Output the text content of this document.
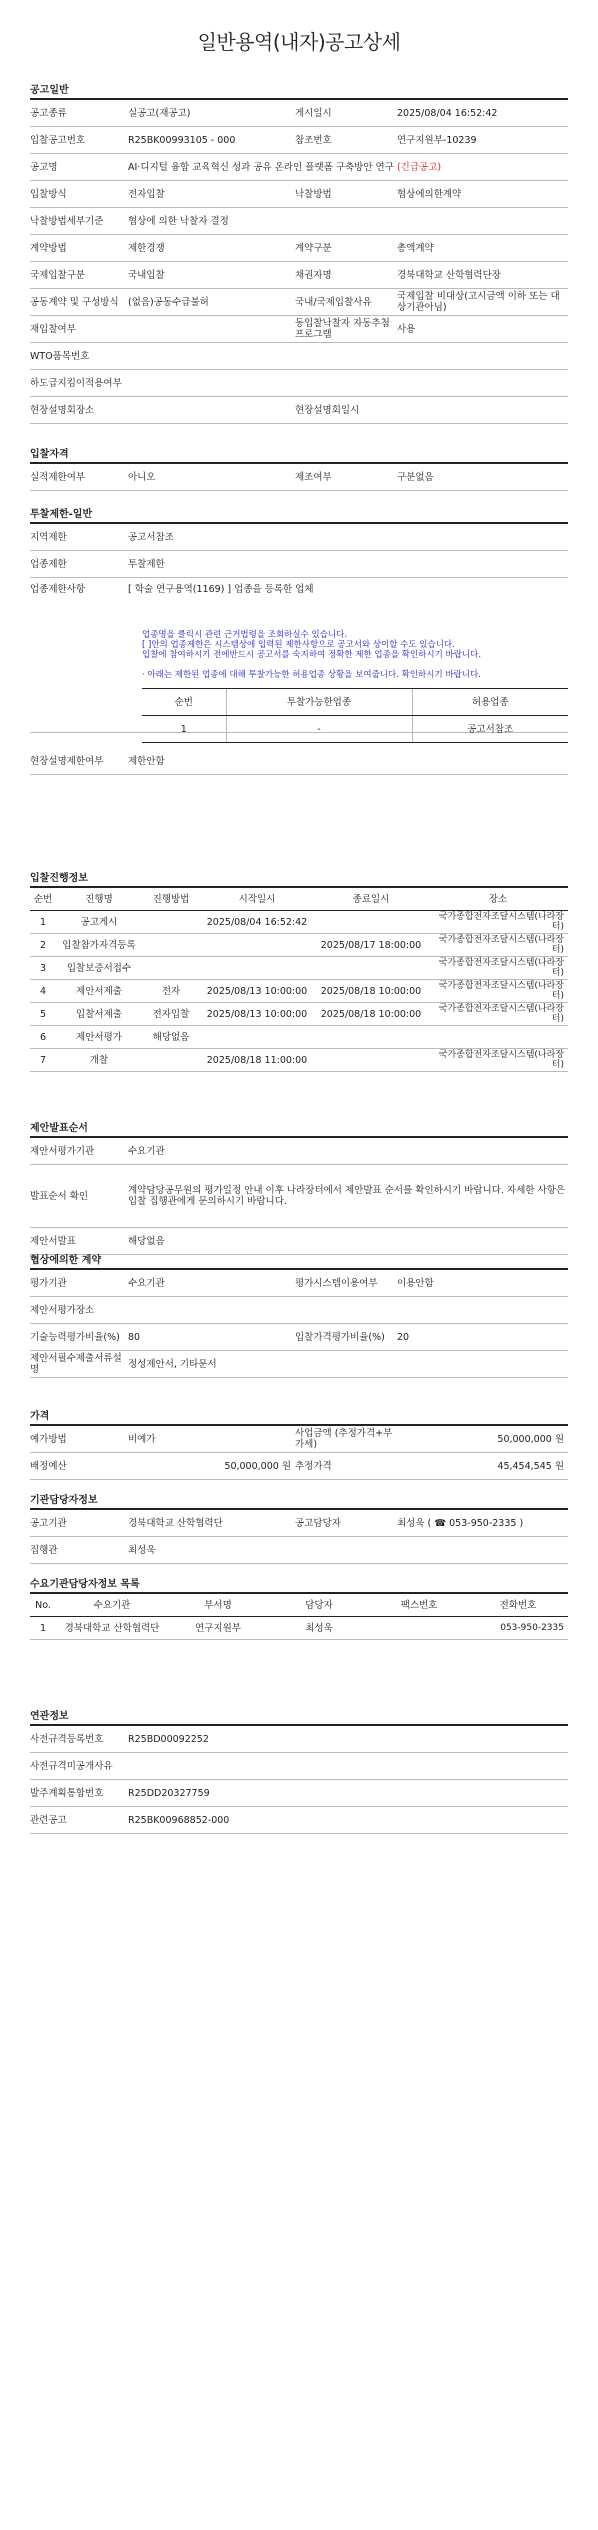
일반용역(내자)공고상세
공고일반
공고종류	실공고(재공고)	게시일시	2025/08/04 16:52:42
입찰공고번호	R25BK00993105 - 000	참조번호	연구지원부-10239
공고명	AI·디지털 융합 교육혁신 성과 공유 온라인 플랫폼 구축방안 연구 (긴급공고)		
입찰방식	전자입찰	낙찰방법	협상에의한계약
낙찰방법세부기준	협상에 의한 낙찰자 결정		
계약방법	제한경쟁	계약구분	총액계약
국제입찰구분	국내입찰	채권자명	경북대학교 산학협력단장
공동계약 및 구성방식	(없음)공동수급불허	국내/국제입찰사유	국제입찰 비대상(고시금액 이하 또는 대상기관아님)
재입찰여부		동입찰낙찰자 자동추첨 프로그램	사용
WTO품목번호			
하도급지킴이적용여부			
현장설명회장소		현장설명회일시	
입찰자격
실적제한여부	아니오	제조여부	구분없음
투찰제한-일반
지역제한	공고서참조
업종제한	투찰제한
업종제한사항	[ 학술 연구용역(1169) ] 업종을 등록한 업체
업종명을 클릭시 관련 근거법령을 조회하실수 있습니다.
[ ]안의 업종제한은 시스템상에 입력된 제한사항으로 공고서와 상이할 수도 있습니다.
입찰에 참여하시기 전에반드시 공고서를 숙지하여 정확한 제한 업종을 확인하시기 바랍니다.
· 아래는 제한된 업종에 대해 투찰가능한 허용업종 상황을 보여줍니다. 확인하시기 바랍니다.
순번	투찰가능한업종	허용업종
1	-	공고서참조
현장설명제한여부	제한안함
입찰진행정보
순번	진행명	진행방법	시작일시	종료일시	장소
1	공고게시		2025/08/04 16:52:42		국가종합전자조달시스템(나라장터)
2	입찰참가자격등록			2025/08/17 18:00:00	국가종합전자조달시스템(나라장터)
3	입찰보증서접수				국가종합전자조달시스템(나라장터)
4	제안서제출	전자	2025/08/13 10:00:00	2025/08/18 10:00:00	국가종합전자조달시스템(나라장터)
5	입찰서제출	전자입찰	2025/08/13 10:00:00	2025/08/18 10:00:00	국가종합전자조달시스템(나라장터)
6	제안서평가	해당없음			
7	개찰		2025/08/18 11:00:00		국가종합전자조달시스템(나라장터)
제안발표순서
제안서평가기관	수요기관
발표순서 확인	계약담당공무원의 평가일정 안내 이후 나라장터에서 제안발표 순서를 확인하시기 바랍니다. 자세한 사항은 입찰 집행관에게 문의하시기 바랍니다.
제안서발표	해당없음
협상에의한 계약
평가기관	수요기관	평가시스템이용여부	이용안함
제안서평가장소			
기술능력평가비율(%)	80	입찰가격평가비율(%)	20
제안서필수제출서류설명	정성제안서, 기타문서		
가격
예가방법	비예가	사업금액 (추정가격+부가세)	50,000,000 원
배정예산	50,000,000 원	추정가격	45,454,545 원
기관담당자정보
공고기관	경북대학교 산학협력단	공고담당자	최성욱 ( ☎ 053-950-2335 )
집행관	최성욱		
수요기관담당자정보 목록
No.	수요기관	부서명	담당자	팩스번호	전화번호
1	경북대학교 산학협력단	연구지원부	최성욱		053-950-2335
연관정보
사전규격등록번호	R25BD00092252
사전규격미공개사유	
발주계획통합번호	R25DD20327759
관련공고	R25BK00968852-000
